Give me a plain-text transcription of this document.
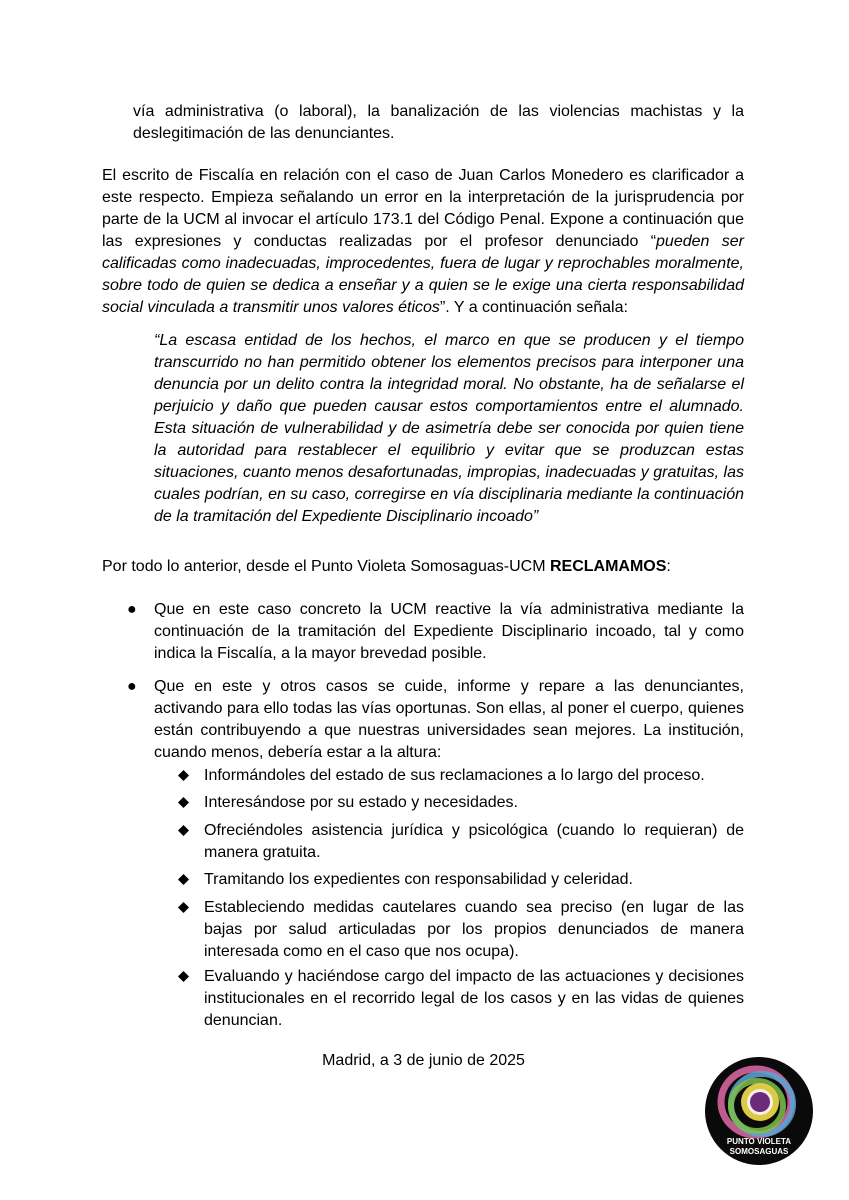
vía administrativa (o laboral), la banalización de las violencias machistas y la deslegitimación de las denunciantes.

El escrito de Fiscalía en relación con el caso de Juan Carlos Monedero es clarificador a este respecto. Empieza señalando un error en la interpretación de la jurisprudencia por parte de la UCM al invocar el artículo 173.1 del Código Penal. Expone a continuación que las expresiones y conductas realizadas por el profesor denunciado “pueden ser calificadas como inadecuadas, improcedentes, fuera de lugar y reprochables moralmente, sobre todo de quien se dedica a enseñar y a quien se le exige una cierta responsabilidad social vinculada a transmitir unos valores éticos”. Y a continuación señala:

“La escasa entidad de los hechos, el marco en que se producen y el tiempo transcurrido no han permitido obtener los elementos precisos para interponer una denuncia por un delito contra la integridad moral. No obstante, ha de señalarse el perjuicio y daño que pueden causar estos comportamientos entre el alumnado. Esta situación de vulnerabilidad y de asimetría debe ser conocida por quien tiene la autoridad para restablecer el equilibrio y evitar que se produzcan estas situaciones, cuanto menos desafortunadas, impropias, inadecuadas y gratuitas, las cuales podrían, en su caso, corregirse en vía disciplinaria mediante la continuación de la tramitación del Expediente Disciplinario incoado”

Por todo lo anterior, desde el Punto Violeta Somosaguas-UCM RECLAMAMOS:

● Que en este caso concreto la UCM reactive la vía administrativa mediante la continuación de la tramitación del Expediente Disciplinario incoado, tal y como indica la Fiscalía, a la mayor brevedad posible.
● Que en este y otros casos se cuide, informe y repare a las denunciantes, activando para ello todas las vías oportunas. Son ellas, al poner el cuerpo, quienes están contribuyendo a que nuestras universidades sean mejores. La institución, cuando menos, debería estar a la altura:
Informándoles del estado de sus reclamaciones a lo largo del proceso.
Interesándose por su estado y necesidades.
Ofreciéndoles asistencia jurídica y psicológica (cuando lo requieran) de manera gratuita.
Tramitando los expedientes con responsabilidad y celeridad.
Estableciendo medidas cautelares cuando sea preciso (en lugar de las bajas por salud articuladas por los propios denunciados de manera interesada como en el caso que nos ocupa).
Evaluando y haciéndose cargo del impacto de las actuaciones y decisiones institucionales en el recorrido legal de los casos y en las vidas de quienes denuncian.
Madrid, a 3 de junio de 2025
PUNTO VIOLETA
SOMOSAGUAS
